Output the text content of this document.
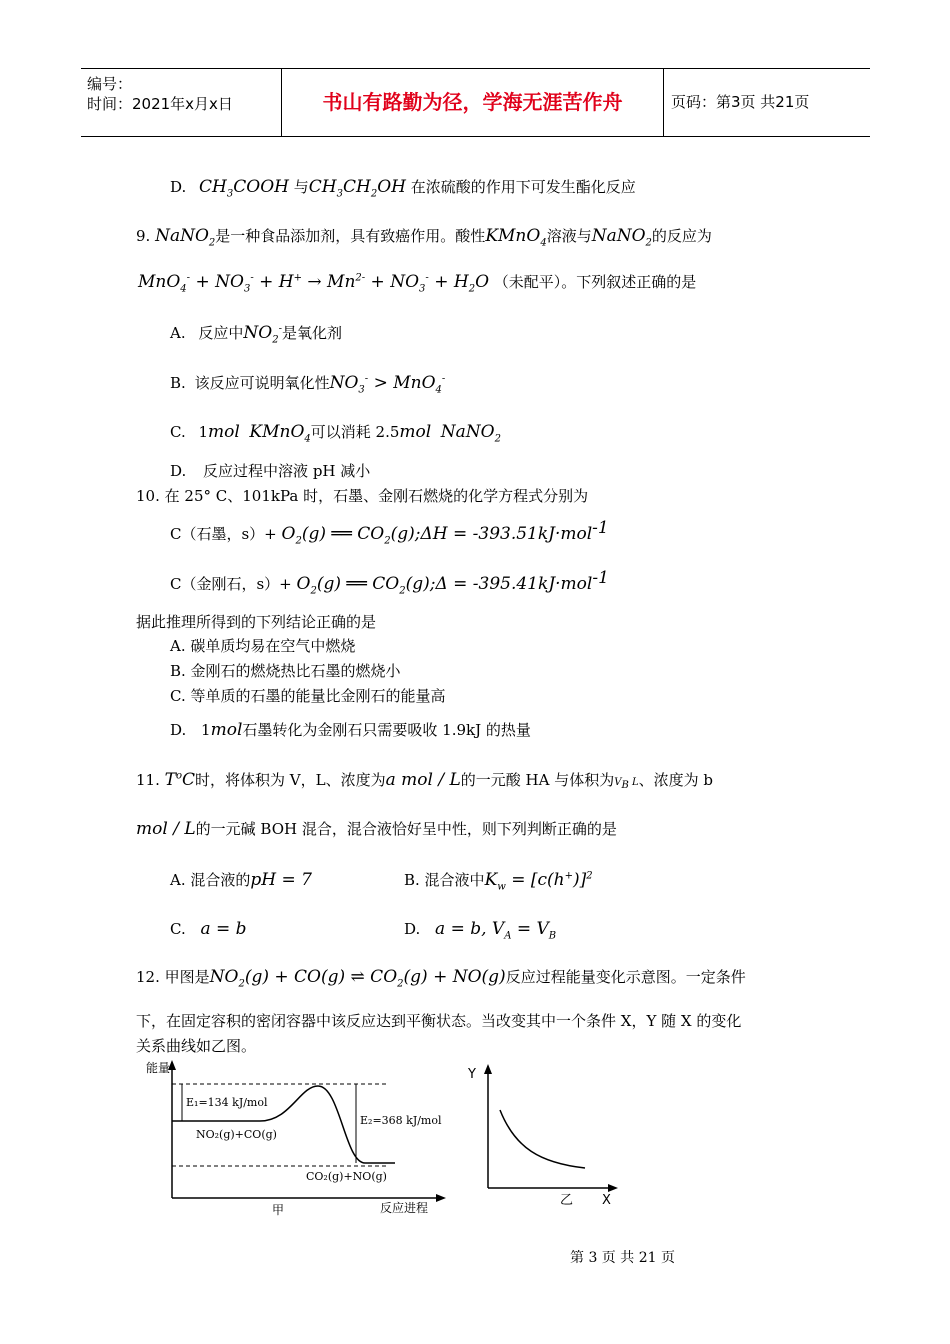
编号：
时间：2021年x月x日	书山有路勤为径，学海无涯苦作舟	页码：第3页 共21页
D. $CH_3COOH$ 与$CH_3CH_2OH$ 在浓硫酸的作用下可发生酯化反应
9. NaNO$_2$是一种食品添加剂，具有致癌作用。酸性KMnO$_4$溶液与NaNO$_2$的反应为
$MnO_4^- + NO_3^- + H^+ \to Mn^{2-} + NO_3^- + H_2O$ （未配平）。下列叙述正确的是
A. 反应中$NO_2^-$是氧化剂
B. 该反应可说明氧化性$NO_3^- > MnO_4^-$
C. 1mol KMnO$_4$可以消耗 2.5mol NaNO$_2$
D. 反应过程中溶液 pH 减小
10. 在 25° C、101kPa 时，石墨、金刚石燃烧的化学方程式分别为
C（石墨，$s)+ O_2(g)$ ══ $CO_2(g);\Delta H = -393.51kJ\cdot mol^{-1}$
C（金刚石，$s)+ O_2(g)$ ══ $CO_2(g);\Delta = -395.41kJ\cdot mol^{-1}$
据此推理所得到的下列结论正确的是
A. 碳单质均易在空气中燃烧
B. 金刚石的燃烧热比石墨的燃烧小
C. 等单质的石墨的能量比金刚石的能量高
D. 1mol石墨转化为金刚石只需要吸收 1.9kJ 的热量
11. $T^oC$时，将体积为 V，L、浓度为a mol / L的一元酸 HA 与体积为$V_B$ L、浓度为 b
mol / L的一元碱 BOH 混合，混合液恰好呈中性，则下列判断正确的是
A. 混合液的pH = 7	B. 混合液中$K_w = [c(h^+)]^2$
C. a = b	D. a = b, $V_A = V_B$
12. 甲图是$NO_2(g) + CO(g)$ ⇌ $CO_2(g) + NO(g)$反应过程能量变化示意图。一定条件
下，在固定容积的密闭容器中该反应达到平衡状态。当改变其中一个条件 X，Y 随 X 的变化
关系曲线如乙图。
能量
E₁=134 kJ/mol
E₂=368 kJ/mol
NO₂(g)+CO(g)
CO₂(g)+NO(g)
甲	反应进程
Y
乙 X
第 3 页 共 21 页
